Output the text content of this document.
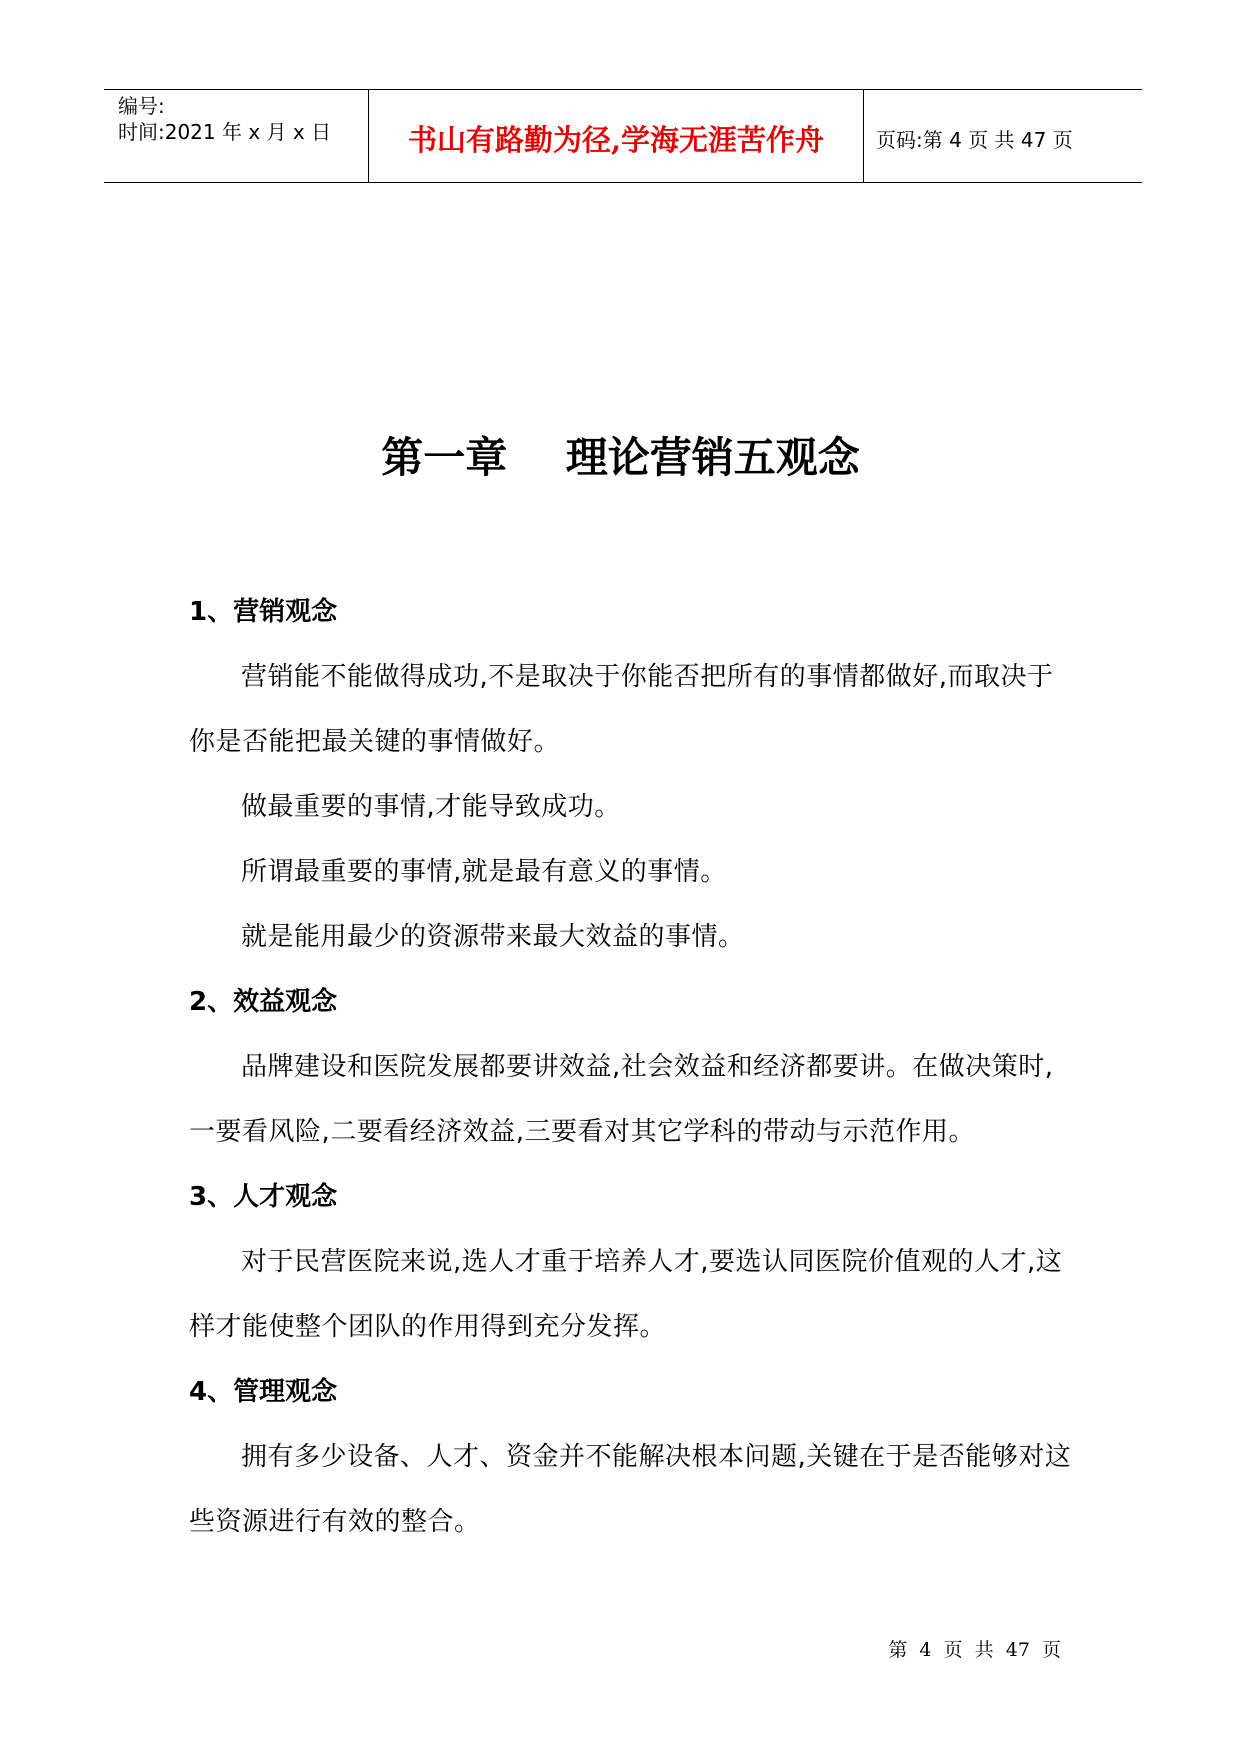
编号:
时间:2021 年 x 月 x 日	书山有路勤为径,学海无涯苦作舟	页码:第 4 页 共 47 页
第一章    理论营销五观念
1、营销观念

营销能不能做得成功,不是取决于你能否把所有的事情都做好,而取决于你是否能把最关键的事情做好。

做最重要的事情,才能导致成功。

所谓最重要的事情,就是最有意义的事情。

就是能用最少的资源带来最大效益的事情。

2、效益观念

品牌建设和医院发展都要讲效益,社会效益和经济都要讲。在做决策时,一要看风险,二要看经济效益,三要看对其它学科的带动与示范作用。

3、人才观念

对于民营医院来说,选人才重于培养人才,要选认同医院价值观的人才,这样才能使整个团队的作用得到充分发挥。

4、管理观念

拥有多少设备、人才、资金并不能解决根本问题,关键在于是否能够对这些资源进行有效的整合。

第  4  页  共  47  页
